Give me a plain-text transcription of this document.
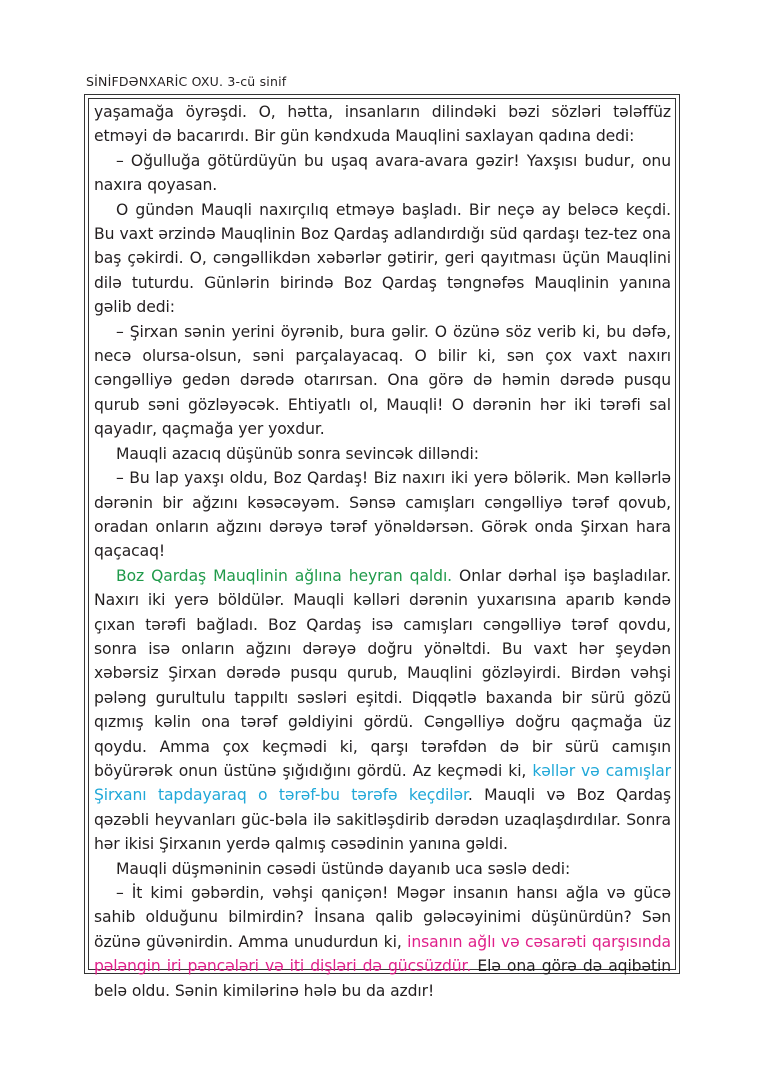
SİNİFDƏNXARİC OXU. 3-cü sinif

yaşamağa öyrəşdi. O, hətta, insanların dilindəki bəzi sözləri tələffüz etməyi də bacarırdı. Bir gün kəndxuda Mauqlini saxlayan qadına dedi:

– Oğulluğa götürdüyün bu uşaq avara-avara gəzir! Yaxşısı budur, onu naxıra qoyasan.

O gündən Mauqli naxırçılıq etməyə başladı. Bir neçə ay beləcə keçdi. Bu vaxt ərzində Mauqlinin Boz Qardaş adlandırdığı süd qardaşı tez-tez ona baş çəkirdi. O, cəngəllikdən xəbərlər gətirir, geri qayıtması üçün Mauqlini dilə tuturdu. Günlərin birində Boz Qardaş təngnəfəs Mauqlinin yanına gəlib dedi:

– Şirxan sənin yerini öyrənib, bura gəlir. O özünə söz verib ki, bu dəfə, necə olursa-olsun, səni parçalayacaq. O bilir ki, sən çox vaxt naxırı cəngəlliyə gedən dərədə otarırsan. Ona görə də həmin dərədə pusqu qurub səni gözləyəcək. Ehtiyatlı ol, Mauqli! O dərənin hər iki tərəfi sal qayadır, qaçmağa yer yoxdur.

Mauqli azacıq düşünüb sonra sevincək dilləndi:

– Bu lap yaxşı oldu, Boz Qardaş! Biz naxırı iki yerə bölərik. Mən kəllərlə dərənin bir ağzını kəsəcəyəm. Sənsə camışları cəngəlliyə tərəf qovub, oradan onların ağzını dərəyə tərəf yönəldərsən. Görək onda Şirxan hara qaçacaq!

Boz Qardaş Mauqlinin ağlına heyran qaldı. Onlar dərhal işə başladılar. Naxırı iki yerə böldülər. Mauqli kəlləri dərənin yuxarısına aparıb kəndə çıxan tərəfi bağladı. Boz Qardaş isə camışları cəngəlliyə tərəf qovdu, sonra isə onların ağzını dərəyə doğru yönəltdi. Bu vaxt hər şeydən xəbərsiz Şirxan dərədə pusqu qurub, Mauqlini gözləyirdi. Birdən vəhşi pələng gurultulu tappıltı səsləri eşitdi. Diqqətlə baxanda bir sürü gözü qızmış kəlin ona tərəf gəldiyini gördü. Cəngəlliyə doğru qaçmağa üz qoydu. Amma çox keçmədi ki, qarşı tərəfdən də bir sürü camışın böyürərək onun üstünə şığıdığını gördü. Az keçmədi ki, kəllər və camışlar Şirxanı tapdayaraq o tərəf-bu tərəfə keçdilər. Mauqli və Boz Qardaş qəzəbli heyvanları güc-bəla ilə sakitləşdirib dərədən uzaqlaşdırdılar. Sonra hər ikisi Şirxanın yerdə qalmış cəsədinin yanına gəldi.

Mauqli düşməninin cəsədi üstündə dayanıb uca səslə dedi:

– İt kimi gəbərdin, vəhşi qaniçən! Məgər insanın hansı ağla və gücə sahib olduğunu bilmirdin? İnsana qalib gələcəyinimi düşünürdün? Sən özünə güvənirdin. Amma unudurdun ki, insanın ağlı və cəsarəti qarşısında pələngin iri pəncələri və iti dişləri də gücsüzdür. Elə ona görə də aqibətin belə oldu. Sənin kimilərinə hələ bu da azdır!
